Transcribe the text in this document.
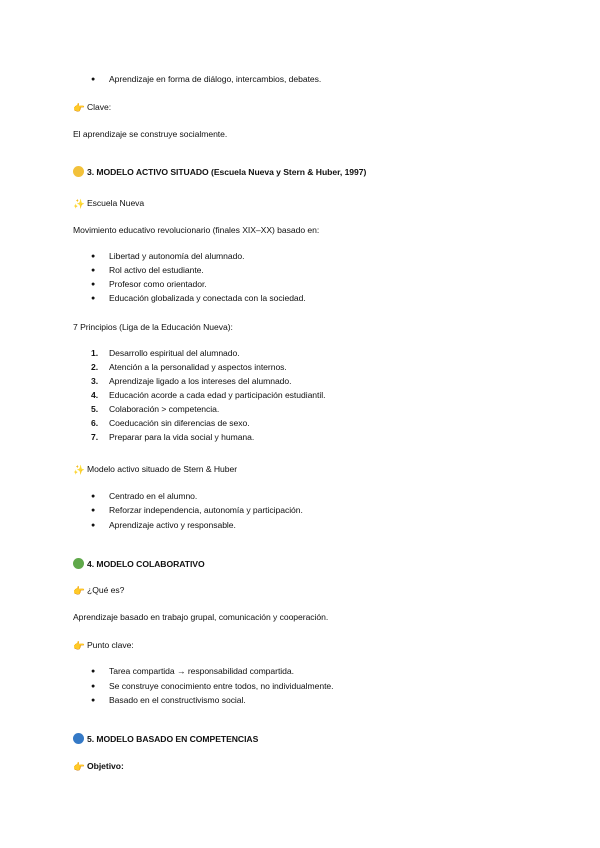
● Aprendizaje en forma de diálogo, intercambios, debates.
👉 Clave:
El aprendizaje se construye socialmente.
3. MODELO ACTIVO SITUADO (Escuela Nueva y Stern & Huber, 1997)
✨ Escuela Nueva
Movimiento educativo revolucionario (finales XIX–XX) basado en:
● Libertad y autonomía del alumnado.
● Rol activo del estudiante.
● Profesor como orientador.
● Educación globalizada y conectada con la sociedad.
7 Principios (Liga de la Educación Nueva):
1. Desarrollo espiritual del alumnado.
2. Atención a la personalidad y aspectos internos.
3. Aprendizaje ligado a los intereses del alumnado.
4. Educación acorde a cada edad y participación estudiantil.
5. Colaboración > competencia.
6. Coeducación sin diferencias de sexo.
7. Preparar para la vida social y humana.
✨ Modelo activo situado de Stern & Huber
● Centrado en el alumno.
● Reforzar independencia, autonomía y participación.
● Aprendizaje activo y responsable.
4. MODELO COLABORATIVO
👉 ¿Qué es?
Aprendizaje basado en trabajo grupal, comunicación y cooperación.
👉 Punto clave:
● Tarea compartida → responsabilidad compartida.
● Se construye conocimiento entre todos, no individualmente.
● Basado en el constructivismo social.
5. MODELO BASADO EN COMPETENCIAS
👉 Objetivo:
